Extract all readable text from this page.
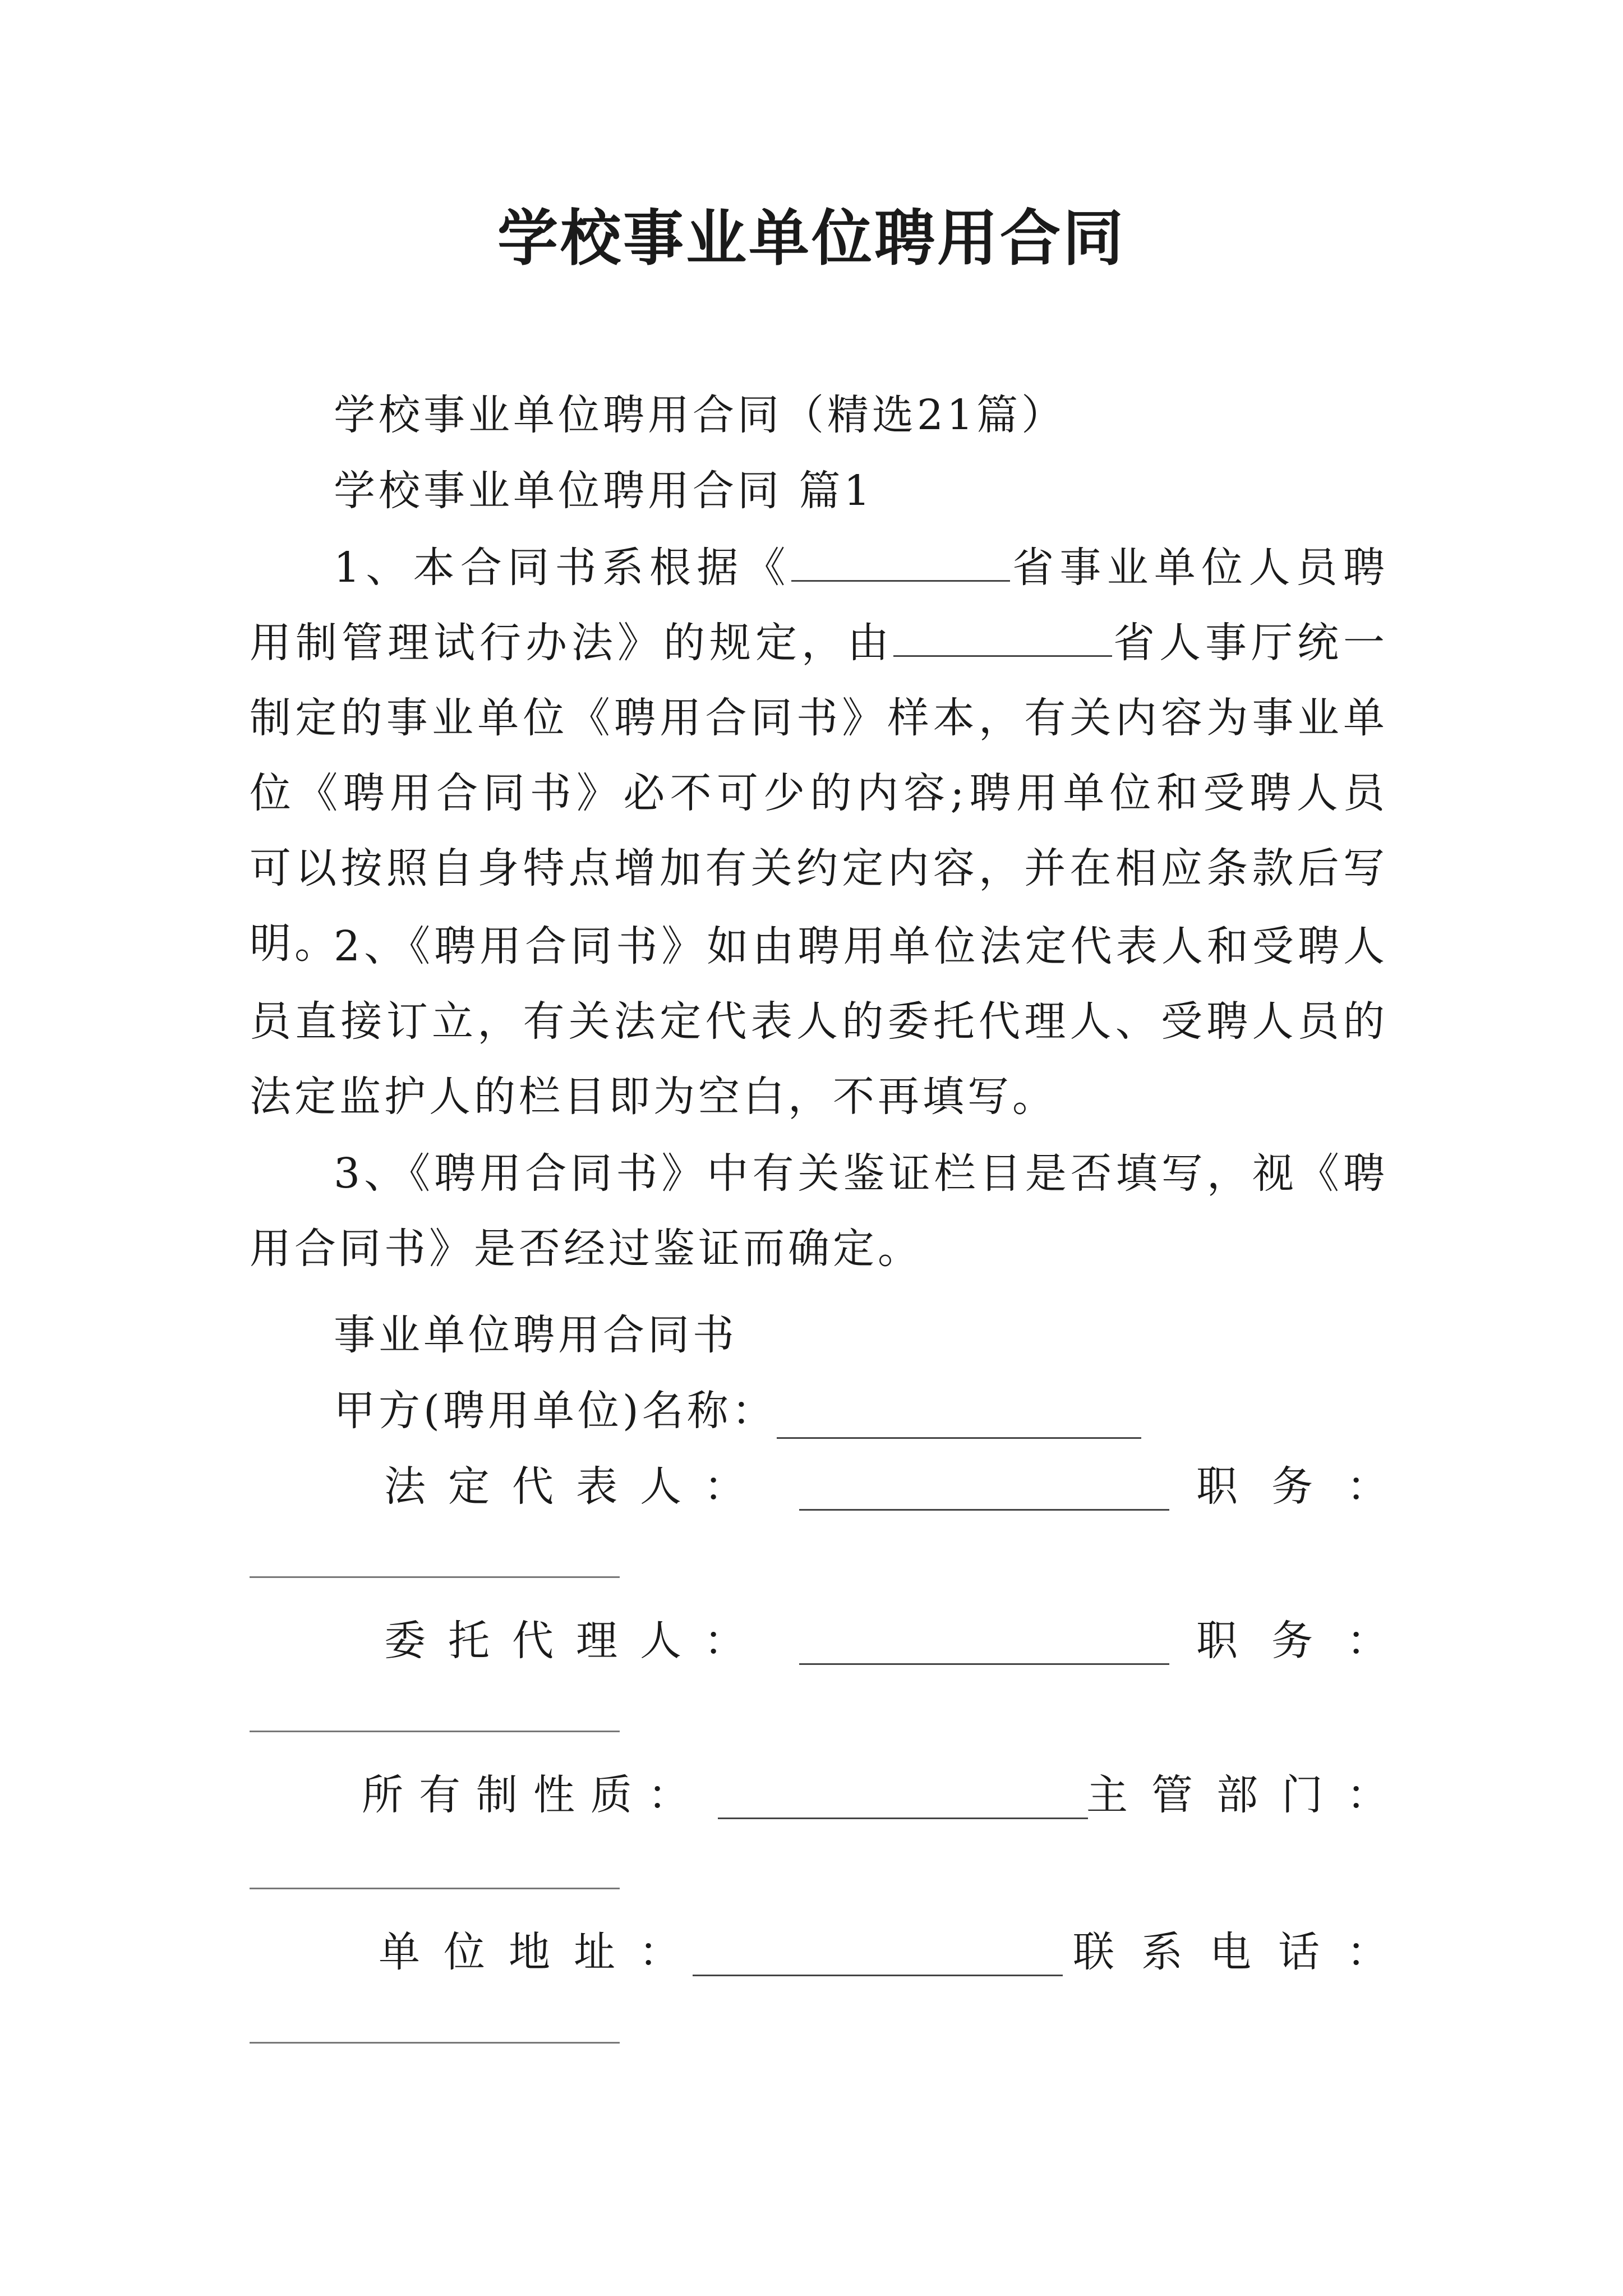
学校事业单位聘用合同
学校事业单位聘用合同（精选21篇）
学校事业单位聘用合同 篇1

1、本合同书系根据《	省事业单位人员聘用制管理试行办法》的规定，由	省人事厅统一制定的事业单位《聘用合同书》样本，有关内容为事业单位《聘用合同书》必不可少的内容;聘用单位和受聘人员可以按照自身特点增加有关约定内容，并在相应条款后写明。

2、《聘用合同书》如由聘用单位法定代表人和受聘人员直接订立，有关法定代表人的委托代理人、受聘人员的法定监护人的栏目即为空白，不再填写。

3、《聘用合同书》中有关鉴证栏目是否填写，视《聘用合同书》是否经过鉴证而确定。

事业单位聘用合同书
甲方(聘用单位)名称：
法定代表人：	职务：
委托代理人：	职务：
所有制性质：	主管部门：
单位地址：	联系电话：
